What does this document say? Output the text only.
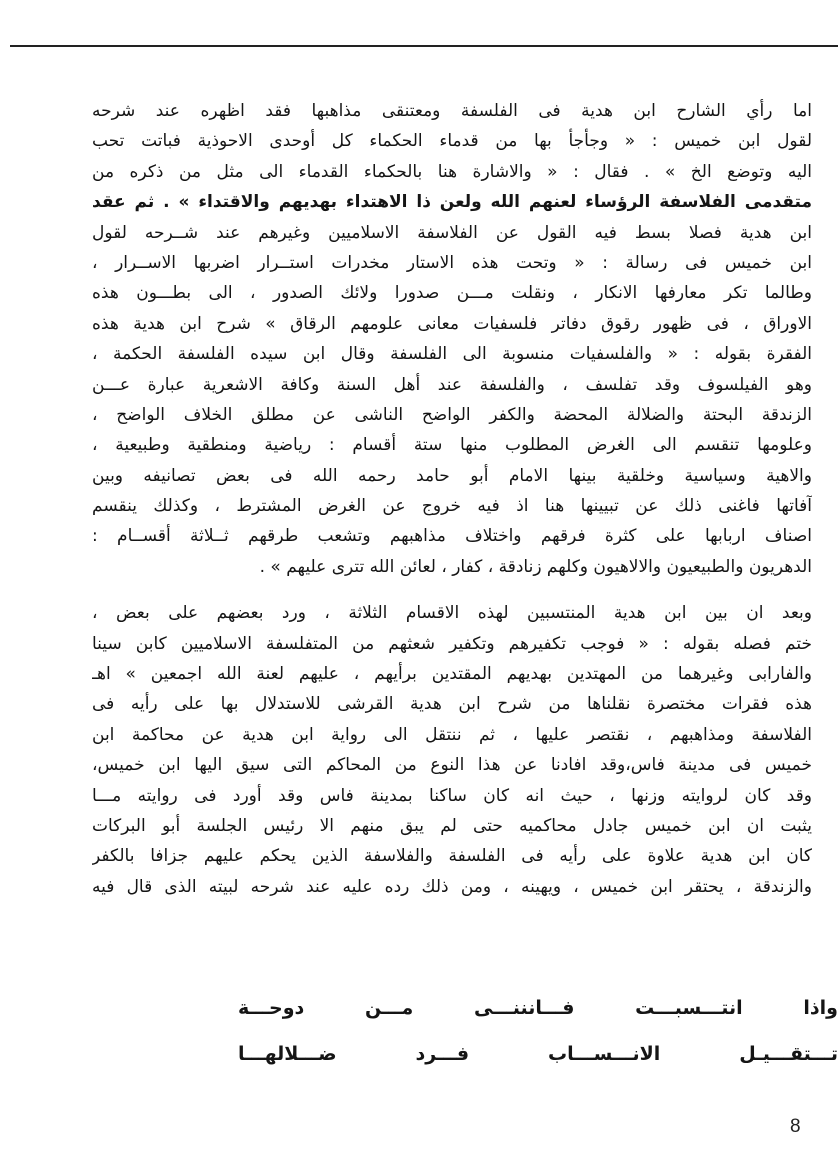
اما رأي الشارح ابن هدية فى الفلسفة ومعتنقى مذاهبها فقد اظهره عند شرحه
لقول ابن خميس : « وجأجأ بها من قدماء الحكماء كل أوحدى الاحوذية فباتت تحب
اليه وتوضع الخ » . فقال : « والاشارة هنا بالحكماء القدماء الى مثل من ذكره من
متقدمى الفلاسفة الرؤساء لعنهم الله ولعن ذا الاهتداء بهديهم والاقتداء » . ثم عقد
ابن هدية فصلا بسط فيه القول عن الفلاسفة الاسلاميين وغيرهم عند شــرحه لقول
ابن خميس فى رسالة : « وتحت هذه الاستار مخدرات استــرار اضربها الاســرار ،
وطالما تكر معارفها الانكار ، ونقلت مـــن صدورا ولائك الصدور ، الى بطـــون هذه
الاوراق ، فى ظهور رقوق دفاتر فلسفيات معانى علومهم الرقاق » شرح ابن هدية هذه
الفقرة بقوله : « والفلسفيات منسوبة الى الفلسفة وقال ابن سيده الفلسفة الحكمة ،
وهو الفيلسوف وقد تفلسف ، والفلسفة عند أهل السنة وكافة الاشعرية عبارة عـــن
الزندقة البحتة والضلالة المحضة والكفر الواضح الناشى عن مطلق الخلاف الواضح ،
وعلومها تنقسم الى الغرض المطلوب منها ستة أقسام : رياضية ومنطقية وطبيعية ،
والاهية وسياسية وخلقية بينها الامام أبو حامد رحمه الله فى بعض تصانيفه وبين
آفاتها فاغنى ذلك عن تبيينها هنا اذ فيه خروج عن الغرض المشترط ، وكذلك ينقسم
اصناف اربابها على كثرة فرقهم واختلاف مذاهبهم وتشعب طرقهم ثــلاثة أقســام :
الدهريون والطبيعيون والالاهيون وكلهم زنادقة ، كفار ، لعائن الله تترى عليهم » .
وبعد ان بين ابن هدية المنتسبين لهذه الاقسام الثلاثة ، ورد بعضهم على بعض ،
ختم فصله بقوله : « فوجب تكفيرهم وتكفير شعثهم من المتفلسفة الاسلاميين كابن سينا
والفارابى وغيرهما من المهتدين بهديهم المقتدين برأيهم ، عليهم لعنة الله اجمعين » اهـ
هذه فقرات مختصرة نقلناها من شرح ابن هدية القرشى للاستدلال بها على رأيه فى
الفلاسفة ومذاهبهم ، نقتصر عليها ، ثم ننتقل الى رواية ابن هدية عن محاكمة ابن
خميس فى مدينة فاس،وقد افادنا عن هذا النوع من المحاكم التى سيق اليها ابن خميس،
وقد كان لروايته وزنها ، حيث انه كان ساكنا بمدينة فاس وقد أورد فى روايته مـــا
يثبت ان ابن خميس جادل محاكميه حتى لم يبق منهم الا رئيس الجلسة أبو البركات
كان ابن هدية علاوة على رأيه فى الفلسفة والفلاسفة الذين يحكم عليهم جزافا بالكفر
والزندقة ، يحتقر ابن خميس ، ويهينه ، ومن ذلك رده عليه عند شرحه لبيته الذى قال فيه
واذا انتـــسبـــت فـــانننـــى مـــن دوحـــة
تـــتقـــيـل الانـــســـاب فـــرد ضـــلالهـــا
8
